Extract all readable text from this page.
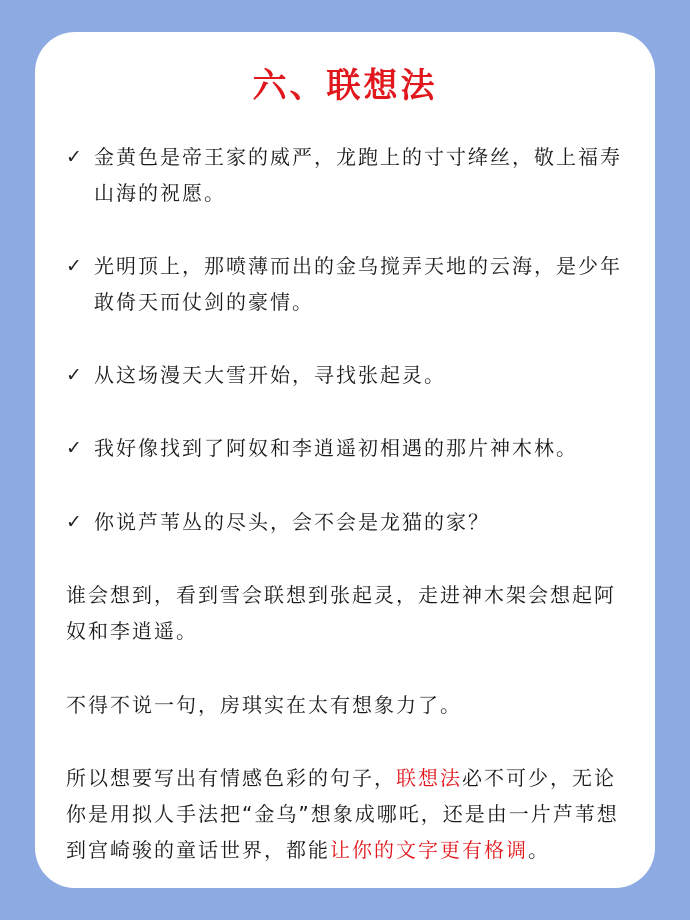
六、联想法
✓ 金黄色是帝王家的威严，龙跑上的寸寸绛丝，敬上福寿山海的祝愿。
✓ 光明顶上，那喷薄而出的金乌搅弄天地的云海，是少年敢倚天而仗剑的豪情。
✓ 从这场漫天大雪开始，寻找张起灵。
✓ 我好像找到了阿奴和李逍遥初相遇的那片神木林。
✓ 你说芦苇丛的尽头，会不会是龙猫的家？
谁会想到，看到雪会联想到张起灵，走进神木架会想起阿奴和李逍遥。
不得不说一句，房琪实在太有想象力了。
所以想要写出有情感色彩的句子，联想法必不可少，无论你是用拟人手法把“金乌”想象成哪吒，还是由一片芦苇想到宫崎骏的童话世界，都能让你的文字更有格调。
